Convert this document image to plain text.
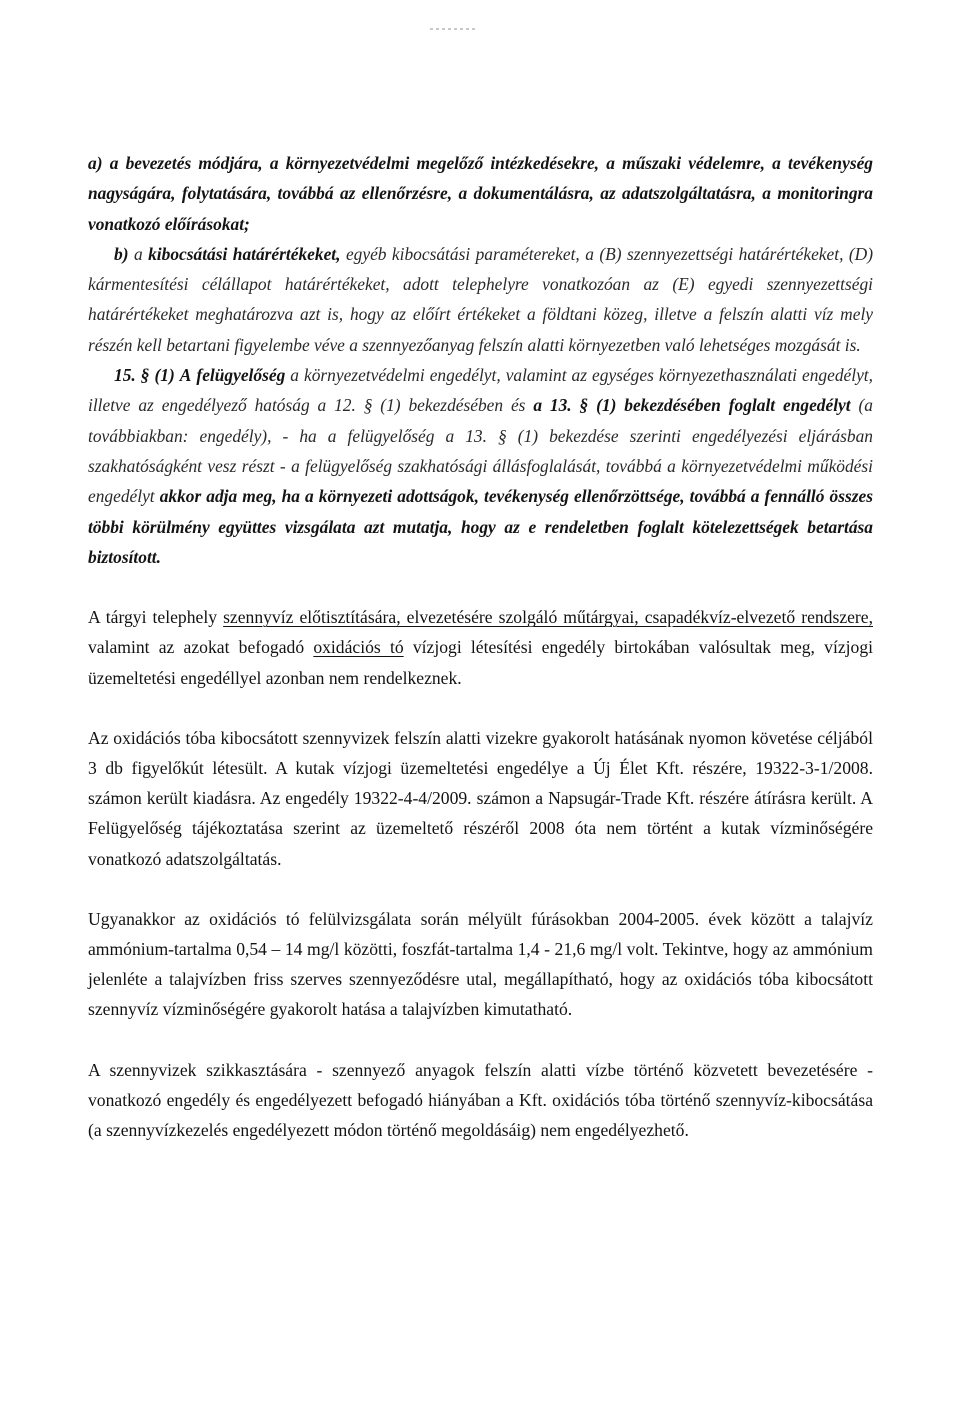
a) a bevezetés módjára, a környezetvédelmi megelőző intézkedésekre, a műszaki védelemre, a tevékenység nagyságára, folytatására, továbbá az ellenőrzésre, a dokumentálásra, az adatszolgáltatásra, a monitoringra vonatkozó előírásokat;

b) a kibocsátási határértékeket, egyéb kibocsátási paramétereket, a (B) szennyezettségi határértékeket, (D) kármentesítési célállapot határértékeket, adott telephelyre vonatkozóan az (E) egyedi szennyezettségi határértékeket meghatározva azt is, hogy az előírt értékeket a földtani közeg, illetve a felszín alatti víz mely részén kell betartani figyelembe véve a szennyezőanyag felszín alatti környezetben való lehetséges mozgását is.

15. § (1) A felügyelőség a környezetvédelmi engedélyt, valamint az egységes környezethasználati engedélyt, illetve az engedélyező hatóság a 12. § (1) bekezdésében és a 13. § (1) bekezdésében foglalt engedélyt (a továbbiakban: engedély), - ha a felügyelőség a 13. § (1) bekezdése szerinti engedélyezési eljárásban szakhatóságként vesz részt - a felügyelőség szakhatósági állásfoglalását, továbbá a környezetvédelmi működési engedélyt akkor adja meg, ha a környezeti adottságok, tevékenység ellenőrzöttsége, továbbá a fennálló összes többi körülmény együttes vizsgálata azt mutatja, hogy az e rendeletben foglalt kötelezettségek betartása biztosított.

A tárgyi telephely szennyvíz előtisztítására, elvezetésére szolgáló műtárgyai, csapadékvíz-elvezető rendszere, valamint az azokat befogadó oxidációs tó vízjogi létesítési engedély birtokában valósultak meg, vízjogi üzemeltetési engedéllyel azonban nem rendelkeznek.

Az oxidációs tóba kibocsátott szennyvizek felszín alatti vizekre gyakorolt hatásának nyomon követése céljából 3 db figyelőkút létesült. A kutak vízjogi üzemeltetési engedélye a Új Élet Kft. részére, 19322-3-1/2008. számon került kiadásra. Az engedély 19322-4-4/2009. számon a Napsugár-Trade Kft. részére átírásra került. A Felügyelőség tájékoztatása szerint az üzemeltető részéről 2008 óta nem történt a kutak vízminőségére vonatkozó adatszolgáltatás.

Ugyanakkor az oxidációs tó felülvizsgálata során mélyült fúrásokban 2004-2005. évek között a talajvíz ammónium-tartalma 0,54 – 14 mg/l közötti, foszfát-tartalma 1,4 - 21,6 mg/l volt. Tekintve, hogy az ammónium jelenléte a talajvízben friss szerves szennyeződésre utal, megállapítható, hogy az oxidációs tóba kibocsátott szennyvíz vízminőségére gyakorolt hatása a talajvízben kimutatható.

A szennyvizek szikkasztására - szennyező anyagok felszín alatti vízbe történő közvetett bevezetésére - vonatkozó engedély és engedélyezett befogadó hiányában a Kft. oxidációs tóba történő szennyvíz-kibocsátása (a szennyvízkezelés engedélyezett módon történő megoldásáig) nem engedélyezhető.
